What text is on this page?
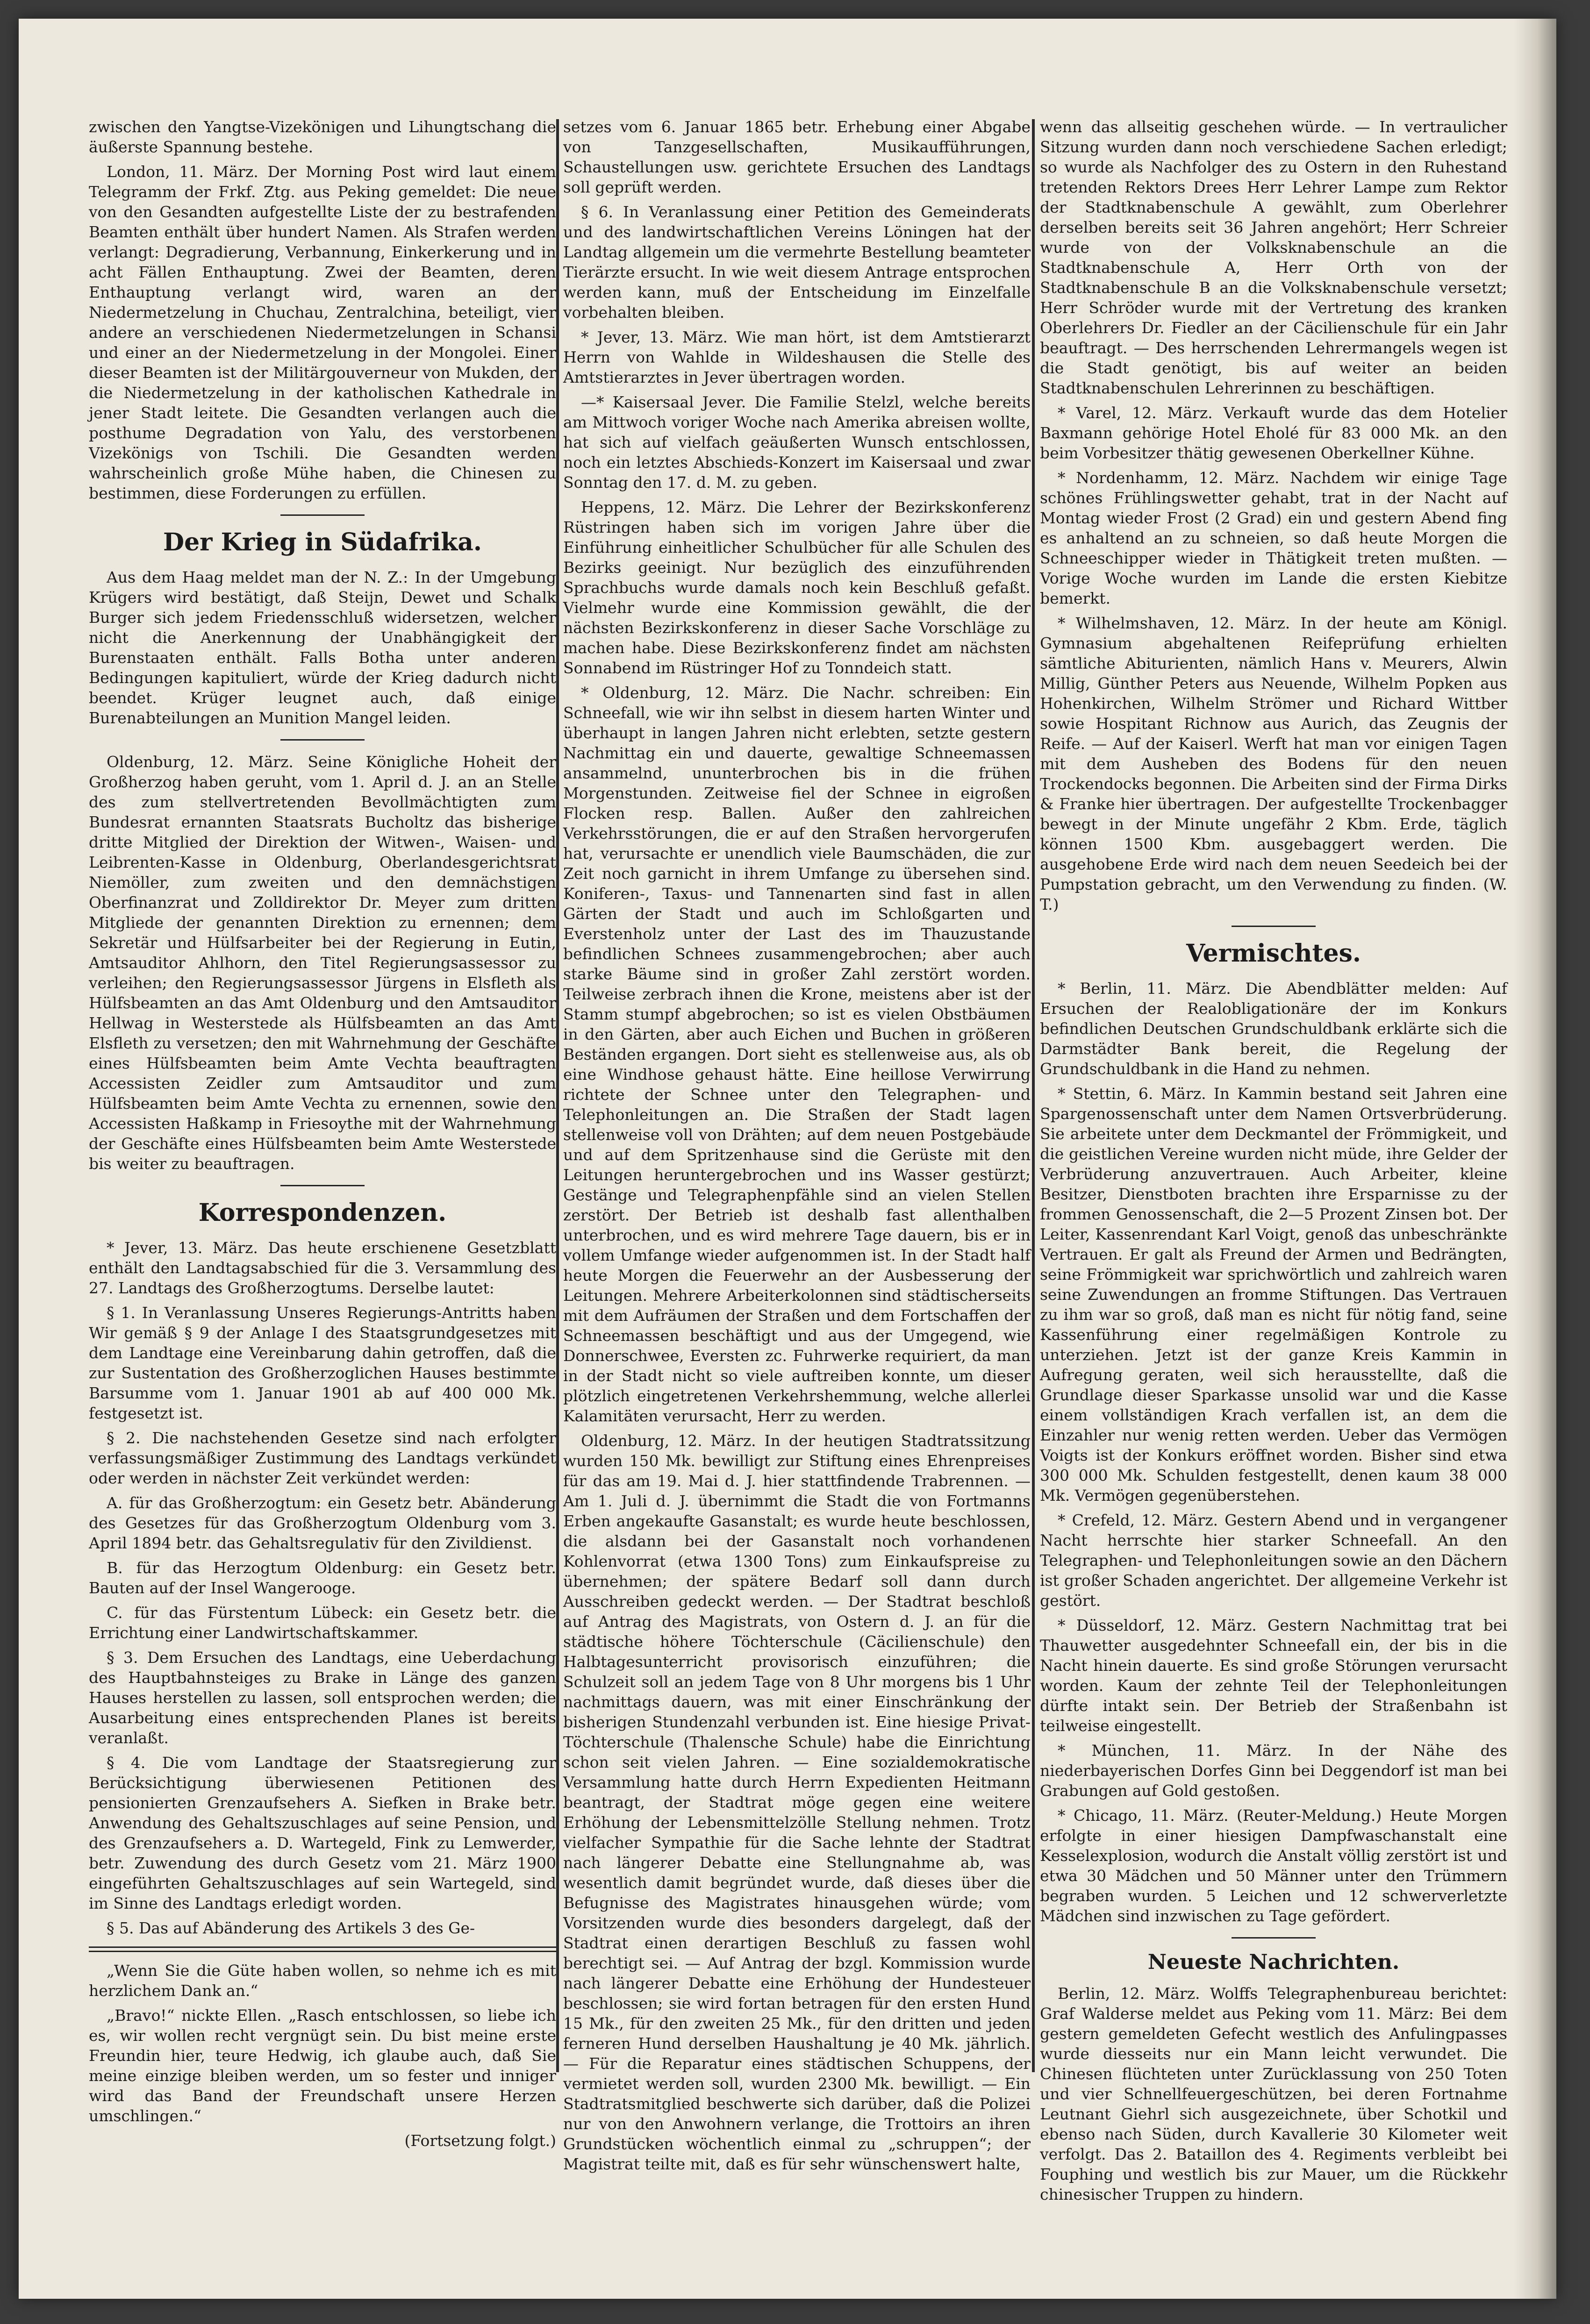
zwischen den Yangtse-Vizekönigen und Lihungtschang die äußerste Spannung bestehe.

London, 11. März. Der Morning Post wird laut einem Telegramm der Frkf. Ztg. aus Peking gemeldet: Die neue von den Gesandten aufgestellte Liste der zu bestrafenden Beamten enthält über hundert Namen. Als Strafen werden verlangt: Degradierung, Verbannung, Einkerkerung und in acht Fällen Enthauptung. Zwei der Beamten, deren Enthauptung verlangt wird, waren an der Niedermetzelung in Chuchau, Zentralchina, beteiligt, vier andere an verschiedenen Niedermetzelungen in Schansi und einer an der Niedermetzelung in der Mongolei. Einer dieser Beamten ist der Militärgouverneur von Mukden, der die Niedermetzelung in der katholischen Kathedrale in jener Stadt leitete. Die Gesandten verlangen auch die posthume Degradation von Yalu, des verstorbenen Vizekönigs von Tschili. Die Gesandten werden wahrscheinlich große Mühe haben, die Chinesen zu bestimmen, diese Forderungen zu erfüllen.

Der Krieg in Südafrika.

Aus dem Haag meldet man der N. Z.: In der Umgebung Krügers wird bestätigt, daß Steijn, Dewet und Schalk Burger sich jedem Friedensschluß widersetzen, welcher nicht die Anerkennung der Unabhängigkeit der Burenstaaten enthält. Falls Botha unter anderen Bedingungen kapituliert, würde der Krieg dadurch nicht beendet. Krüger leugnet auch, daß einige Burenabteilungen an Munition Mangel leiden.

Oldenburg, 12. März. Seine Königliche Hoheit der Großherzog haben geruht, vom 1. April d. J. an an Stelle des zum stellvertretenden Bevollmächtigten zum Bundesrat ernannten Staatsrats Bucholtz das bisherige dritte Mitglied der Direktion der Witwen-, Waisen- und Leibrenten-Kasse in Oldenburg, Oberlandesgerichtsrat Niemöller, zum zweiten und den demnächstigen Oberfinanzrat und Zolldirektor Dr. Meyer zum dritten Mitgliede der genannten Direktion zu ernennen; dem Sekretär und Hülfsarbeiter bei der Regierung in Eutin, Amtsauditor Ahlhorn, den Titel Regierungsassessor zu verleihen; den Regierungsassessor Jürgens in Elsfleth als Hülfsbeamten an das Amt Oldenburg und den Amtsauditor Hellwag in Westerstede als Hülfsbeamten an das Amt Elsfleth zu versetzen; den mit Wahrnehmung der Geschäfte eines Hülfsbeamten beim Amte Vechta beauftragten Accessisten Zeidler zum Amtsauditor und zum Hülfsbeamten beim Amte Vechta zu ernennen, sowie den Accessisten Haßkamp in Friesoythe mit der Wahrnehmung der Geschäfte eines Hülfsbeamten beim Amte Westerstede bis weiter zu beauftragen.

Korrespondenzen.

* Jever, 13. März. Das heute erschienene Gesetzblatt enthält den Landtagsabschied für die 3. Versammlung des 27. Landtags des Großherzogtums. Derselbe lautet:

§ 1. In Veranlassung Unseres Regierungs-Antritts haben Wir gemäß § 9 der Anlage I des Staatsgrundgesetzes mit dem Landtage eine Vereinbarung dahin getroffen, daß die zur Sustentation des Großherzoglichen Hauses bestimmte Barsumme vom 1. Januar 1901 ab auf 400 000 Mk. festgesetzt ist.

§ 2. Die nachstehenden Gesetze sind nach erfolgter verfassungsmäßiger Zustimmung des Landtags verkündet oder werden in nächster Zeit verkündet werden:

A. für das Großherzogtum: ein Gesetz betr. Abänderung des Gesetzes für das Großherzogtum Oldenburg vom 3. April 1894 betr. das Gehaltsregulativ für den Zivildienst.

B. für das Herzogtum Oldenburg: ein Gesetz betr. Bauten auf der Insel Wangerooge.

C. für das Fürstentum Lübeck: ein Gesetz betr. die Errichtung einer Landwirtschaftskammer.

§ 3. Dem Ersuchen des Landtags, eine Ueberdachung des Hauptbahnsteiges zu Brake in Länge des ganzen Hauses herstellen zu lassen, soll entsprochen werden; die Ausarbeitung eines entsprechenden Planes ist bereits veranlaßt.

§ 4. Die vom Landtage der Staatsregierung zur Berücksichtigung überwiesenen Petitionen des pensionierten Grenzaufsehers A. Siefken in Brake betr. Anwendung des Gehaltszuschlages auf seine Pension, und des Grenzaufsehers a. D. Wartegeld, Fink zu Lemwerder, betr. Zuwendung des durch Gesetz vom 21. März 1900 eingeführten Gehaltszuschlages auf sein Wartegeld, sind im Sinne des Landtags erledigt worden.

§ 5. Das auf Abänderung des Artikels 3 des Ge-

„Wenn Sie die Güte haben wollen, so nehme ich es mit herzlichem Dank an.“

„Bravo!“ nickte Ellen. „Rasch entschlossen, so liebe ich es, wir wollen recht vergnügt sein. Du bist meine erste Freundin hier, teure Hedwig, ich glaube auch, daß Sie meine einzige bleiben werden, um so fester und inniger wird das Band der Freundschaft unsere Herzen umschlingen.“

(Fortsetzung folgt.)

setzes vom 6. Januar 1865 betr. Erhebung einer Abgabe von Tanzgesellschaften, Musikaufführungen, Schaustellungen usw. gerichtete Ersuchen des Landtags soll geprüft werden.

§ 6. In Veranlassung einer Petition des Gemeinderats und des landwirtschaftlichen Vereins Löningen hat der Landtag allgemein um die vermehrte Bestellung beamteter Tierärzte ersucht. In wie weit diesem Antrage entsprochen werden kann, muß der Entscheidung im Einzelfalle vorbehalten bleiben.

* Jever, 13. März. Wie man hört, ist dem Amtstierarzt Herrn von Wahlde in Wildeshausen die Stelle des Amtstierarztes in Jever übertragen worden.

—* Kaisersaal Jever. Die Familie Stelzl, welche bereits am Mittwoch voriger Woche nach Amerika abreisen wollte, hat sich auf vielfach geäußerten Wunsch entschlossen, noch ein letztes Abschieds-Konzert im Kaisersaal und zwar Sonntag den 17. d. M. zu geben.

Heppens, 12. März. Die Lehrer der Bezirkskonferenz Rüstringen haben sich im vorigen Jahre über die Einführung einheitlicher Schulbücher für alle Schulen des Bezirks geeinigt. Nur bezüglich des einzuführenden Sprachbuchs wurde damals noch kein Beschluß gefaßt. Vielmehr wurde eine Kommission gewählt, die der nächsten Bezirkskonferenz in dieser Sache Vorschläge zu machen habe. Diese Bezirkskonferenz findet am nächsten Sonnabend im Rüstringer Hof zu Tonndeich statt.

* Oldenburg, 12. März. Die Nachr. schreiben: Ein Schneefall, wie wir ihn selbst in diesem harten Winter und überhaupt in langen Jahren nicht erlebten, setzte gestern Nachmittag ein und dauerte, gewaltige Schneemassen ansammelnd, ununterbrochen bis in die frühen Morgenstunden. Zeitweise fiel der Schnee in eigroßen Flocken resp. Ballen. Außer den zahlreichen Verkehrsstörungen, die er auf den Straßen hervorgerufen hat, verursachte er unendlich viele Baumschäden, die zur Zeit noch garnicht in ihrem Umfange zu übersehen sind. Koniferen-, Taxus- und Tannenarten sind fast in allen Gärten der Stadt und auch im Schloßgarten und Everstenholz unter der Last des im Thauzustande befindlichen Schnees zusammengebrochen; aber auch starke Bäume sind in großer Zahl zerstört worden. Teilweise zerbrach ihnen die Krone, meistens aber ist der Stamm stumpf abgebrochen; so ist es vielen Obstbäumen in den Gärten, aber auch Eichen und Buchen in größeren Beständen ergangen. Dort sieht es stellenweise aus, als ob eine Windhose gehaust hätte. Eine heillose Verwirrung richtete der Schnee unter den Telegraphen- und Telephonleitungen an. Die Straßen der Stadt lagen stellenweise voll von Drähten; auf dem neuen Postgebäude und auf dem Spritzenhause sind die Gerüste mit den Leitungen heruntergebrochen und ins Wasser gestürzt; Gestänge und Telegraphenpfähle sind an vielen Stellen zerstört. Der Betrieb ist deshalb fast allenthalben unterbrochen, und es wird mehrere Tage dauern, bis er in vollem Umfange wieder aufgenommen ist. In der Stadt half heute Morgen die Feuerwehr an der Ausbesserung der Leitungen. Mehrere Arbeiterkolonnen sind städtischerseits mit dem Aufräumen der Straßen und dem Fortschaffen der Schneemassen beschäftigt und aus der Umgegend, wie Donnerschwee, Eversten zc. Fuhrwerke requiriert, da man in der Stadt nicht so viele auftreiben konnte, um dieser plötzlich eingetretenen Verkehrshemmung, welche allerlei Kalamitäten verursacht, Herr zu werden.

Oldenburg, 12. März. In der heutigen Stadtratssitzung wurden 150 Mk. bewilligt zur Stiftung eines Ehrenpreises für das am 19. Mai d. J. hier stattfindende Trabrennen. — Am 1. Juli d. J. übernimmt die Stadt die von Fortmanns Erben angekaufte Gasanstalt; es wurde heute beschlossen, die alsdann bei der Gasanstalt noch vorhandenen Kohlenvorrat (etwa 1300 Tons) zum Einkaufspreise zu übernehmen; der spätere Bedarf soll dann durch Ausschreiben gedeckt werden. — Der Stadtrat beschloß auf Antrag des Magistrats, von Ostern d. J. an für die städtische höhere Töchterschule (Cäcilienschule) den Halbtagesunterricht provisorisch einzuführen; die Schulzeit soll an jedem Tage von 8 Uhr morgens bis 1 Uhr nachmittags dauern, was mit einer Einschränkung der bisherigen Stundenzahl verbunden ist. Eine hiesige Privat-Töchterschule (Thalensche Schule) habe die Einrichtung schon seit vielen Jahren. — Eine sozialdemokratische Versammlung hatte durch Herrn Expedienten Heitmann beantragt, der Stadtrat möge gegen eine weitere Erhöhung der Lebensmittelzölle Stellung nehmen. Trotz vielfacher Sympathie für die Sache lehnte der Stadtrat nach längerer Debatte eine Stellungnahme ab, was wesentlich damit begründet wurde, daß dieses über die Befugnisse des Magistrates hinausgehen würde; vom Vorsitzenden wurde dies besonders dargelegt, daß der Stadtrat einen derartigen Beschluß zu fassen wohl berechtigt sei. — Auf Antrag der bzgl. Kommission wurde nach längerer Debatte eine Erhöhung der Hundesteuer beschlossen; sie wird fortan betragen für den ersten Hund 15 Mk., für den zweiten 25 Mk., für den dritten und jeden ferneren Hund derselben Haushaltung je 40 Mk. jährlich. — Für die Reparatur eines städtischen Schuppens, der vermietet werden soll, wurden 2300 Mk. bewilligt. — Ein Stadtratsmitglied beschwerte sich darüber, daß die Polizei nur von den Anwohnern verlange, die Trottoirs an ihren Grundstücken wöchentlich einmal zu „schruppen“; der Magistrat teilte mit, daß es für sehr wünschenswert halte,

wenn das allseitig geschehen würde. — In vertraulicher Sitzung wurden dann noch verschiedene Sachen erledigt; so wurde als Nachfolger des zu Ostern in den Ruhestand tretenden Rektors Drees Herr Lehrer Lampe zum Rektor der Stadtknabenschule A gewählt, zum Oberlehrer derselben bereits seit 36 Jahren angehört; Herr Schreier wurde von der Volksknabenschule an die Stadtknabenschule A, Herr Orth von der Stadtknabenschule B an die Volksknabenschule versetzt; Herr Schröder wurde mit der Vertretung des kranken Oberlehrers Dr. Fiedler an der Cäcilienschule für ein Jahr beauftragt. — Des herrschenden Lehrermangels wegen ist die Stadt genötigt, bis auf weiter an beiden Stadtknabenschulen Lehrerinnen zu beschäftigen.

* Varel, 12. März. Verkauft wurde das dem Hotelier Baxmann gehörige Hotel Eholé für 83 000 Mk. an den beim Vorbesitzer thätig gewesenen Oberkellner Kühne.

* Nordenhamm, 12. März. Nachdem wir einige Tage schönes Frühlingswetter gehabt, trat in der Nacht auf Montag wieder Frost (2 Grad) ein und gestern Abend fing es anhaltend an zu schneien, so daß heute Morgen die Schneeschipper wieder in Thätigkeit treten mußten. — Vorige Woche wurden im Lande die ersten Kiebitze bemerkt.

* Wilhelmshaven, 12. März. In der heute am Königl. Gymnasium abgehaltenen Reifeprüfung erhielten sämtliche Abiturienten, nämlich Hans v. Meurers, Alwin Millig, Günther Peters aus Neuende, Wilhelm Popken aus Hohenkirchen, Wilhelm Strömer und Richard Wittber sowie Hospitant Richnow aus Aurich, das Zeugnis der Reife. — Auf der Kaiserl. Werft hat man vor einigen Tagen mit dem Ausheben des Bodens für den neuen Trockendocks begonnen. Die Arbeiten sind der Firma Dirks & Franke hier übertragen. Der aufgestellte Trockenbagger bewegt in der Minute ungefähr 2 Kbm. Erde, täglich können 1500 Kbm. ausgebaggert werden. Die ausgehobene Erde wird nach dem neuen Seedeich bei der Pumpstation gebracht, um den Verwendung zu finden. (W. T.)

Vermischtes.

* Berlin, 11. März. Die Abendblätter melden: Auf Ersuchen der Realobligationäre der im Konkurs befindlichen Deutschen Grundschuldbank erklärte sich die Darmstädter Bank bereit, die Regelung der Grundschuldbank in die Hand zu nehmen.

* Stettin, 6. März. In Kammin bestand seit Jahren eine Spargenossenschaft unter dem Namen Ortsverbrüderung. Sie arbeitete unter dem Deckmantel der Frömmigkeit, und die geistlichen Vereine wurden nicht müde, ihre Gelder der Verbrüderung anzuvertrauen. Auch Arbeiter, kleine Besitzer, Dienstboten brachten ihre Ersparnisse zu der frommen Genossenschaft, die 2—5 Prozent Zinsen bot. Der Leiter, Kassenrendant Karl Voigt, genoß das unbeschränkte Vertrauen. Er galt als Freund der Armen und Bedrängten, seine Frömmigkeit war sprichwörtlich und zahlreich waren seine Zuwendungen an fromme Stiftungen. Das Vertrauen zu ihm war so groß, daß man es nicht für nötig fand, seine Kassenführung einer regelmäßigen Kontrole zu unterziehen. Jetzt ist der ganze Kreis Kammin in Aufregung geraten, weil sich herausstellte, daß die Grundlage dieser Sparkasse unsolid war und die Kasse einem vollständigen Krach verfallen ist, an dem die Einzahler nur wenig retten werden. Ueber das Vermögen Voigts ist der Konkurs eröffnet worden. Bisher sind etwa 300 000 Mk. Schulden festgestellt, denen kaum 38 000 Mk. Vermögen gegenüberstehen.

* Crefeld, 12. März. Gestern Abend und in vergangener Nacht herrschte hier starker Schneefall. An den Telegraphen- und Telephonleitungen sowie an den Dächern ist großer Schaden angerichtet. Der allgemeine Verkehr ist gestört.

* Düsseldorf, 12. März. Gestern Nachmittag trat bei Thauwetter ausgedehnter Schneefall ein, der bis in die Nacht hinein dauerte. Es sind große Störungen verursacht worden. Kaum der zehnte Teil der Telephonleitungen dürfte intakt sein. Der Betrieb der Straßenbahn ist teilweise eingestellt.

* München, 11. März. In der Nähe des niederbayerischen Dorfes Ginn bei Deggendorf ist man bei Grabungen auf Gold gestoßen.

* Chicago, 11. März. (Reuter-Meldung.) Heute Morgen erfolgte in einer hiesigen Dampfwaschanstalt eine Kesselexplosion, wodurch die Anstalt völlig zerstört ist und etwa 30 Mädchen und 50 Männer unter den Trümmern begraben wurden. 5 Leichen und 12 schwerverletzte Mädchen sind inzwischen zu Tage gefördert.

Neueste Nachrichten.

Berlin, 12. März. Wolffs Telegraphenbureau berichtet: Graf Walderse meldet aus Peking vom 11. März: Bei dem gestern gemeldeten Gefecht westlich des Anfulingpasses wurde diesseits nur ein Mann leicht verwundet. Die Chinesen flüchteten unter Zurücklassung von 250 Toten und vier Schnellfeuergeschützen, bei deren Fortnahme Leutnant Giehrl sich ausgezeichnete, über Schotkil und ebenso nach Süden, durch Kavallerie 30 Kilometer weit verfolgt. Das 2. Bataillon des 4. Regiments verbleibt bei Fouphing und westlich bis zur Mauer, um die Rückkehr chinesischer Truppen zu hindern.
